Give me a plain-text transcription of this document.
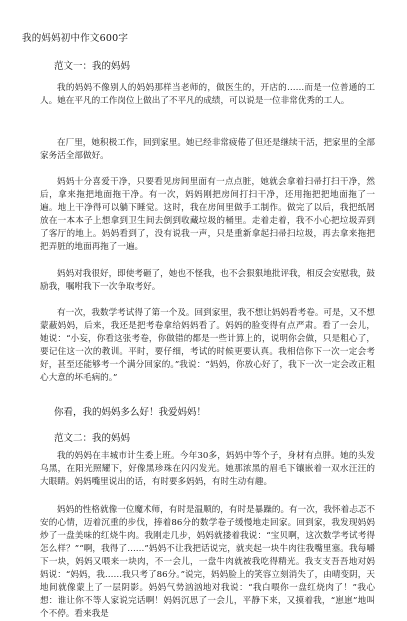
我的妈妈初中作文600字
范文一：我的妈妈

我的妈妈不像别人的妈妈那样当老师的，做医生的，开店的……而是一位普通的工人。她在平凡的工作岗位上做出了不平凡的成绩，可以说是一位非常优秀的工人。

在厂里，她积极工作，回到家里。她已经非常疲倦了但还是继续干活，把家里的全部家务活全部做好。

妈妈十分喜爱干净，只要看见房间里面有一点点脏，她就会拿着扫帚打扫干净，然后，拿来拖把地面拖干净。有一次，妈妈刚把房间打扫干净，还用拖把把地面拖了一遍。地上干净得可以躺下睡觉。这时，我在房间里做手工制作。做完了以后，我把纸屑放在一本本子上想拿到卫生间去倒到收藏垃圾的桶里。走着走着，我不小心把垃圾弄到了客厅的地上。妈妈看到了，没有说我一声，只是重新拿起扫帚扫垃圾，再去拿来拖把把弄脏的地面再拖了一遍。

妈妈对我很好，即使考砸了，她也不怪我，也不会狠狠地批评我，相反会安慰我，鼓励我，嘱咐我下一次争取考好。

有一次，我数学考试得了第一个及。回到家里，我不想让妈妈看考卷。可是，又不想蒙蔽妈妈，后来，我还是把考卷拿给妈妈看了。妈妈的脸变得有点严肃。看了一会儿，她说：“小妄，你看这张考卷，你做错的都是一些计算上的，说明你会做，只是粗心了，要记住这一次的教训。平时，要仔细，考试的时候更要认真。我相信你下一次一定会考好，甚至还能够考一个满分回家的。”我说：“妈妈，你放心好了，我下一次一定会改正粗心大意的坏毛病的。”

你看，我的妈妈多么好！我爱妈妈！

范文二：我的妈妈

我的妈妈在丰城市计生委上班。今年30多，妈妈中等个子，身材有点胖。她的头发乌黑，在阳光照耀下，好像黑珍珠在闪闪发光。她那浓黑的眉毛下镶嵌着一双水汪汪的大眼睛。妈妈嘴里说出的话，有时要多妈妈，有时生动有趣。

妈妈的性格就像一位魔术师，有时是温顺的，有时是暴躁的。有一次，我怀着忐忑不安的心情，迈着沉重的步伐，捧着86分的数学卷子缓慢地走回家。回到家，我发现妈妈炒了一盘美味的红烧牛肉。我刚走几步，妈妈就搂着我说：“宝贝啊，这次数学考试考得怎么样？”“啊，我得了……”妈妈不让我把话说完，就夹起一块牛肉往我嘴里塞。我每嚼下一块，妈妈又喂来一块肉，不一会儿，一盘牛肉就被我吃得精光。我支支吾吾地对妈妈说：“妈妈，我……我只考了86分。”说完，妈妈脸上的笑容立刻消失了，由晴变阴，天地间就像蒙上了一层阴影。妈妈气势汹汹地对我说：“我白喂你一盘红烧肉了！”我心想：谁让你不等人家说完话啊！妈妈沉思了一会儿，平静下来，又摸着我，“崽崽”地叫个不停。看来我是
